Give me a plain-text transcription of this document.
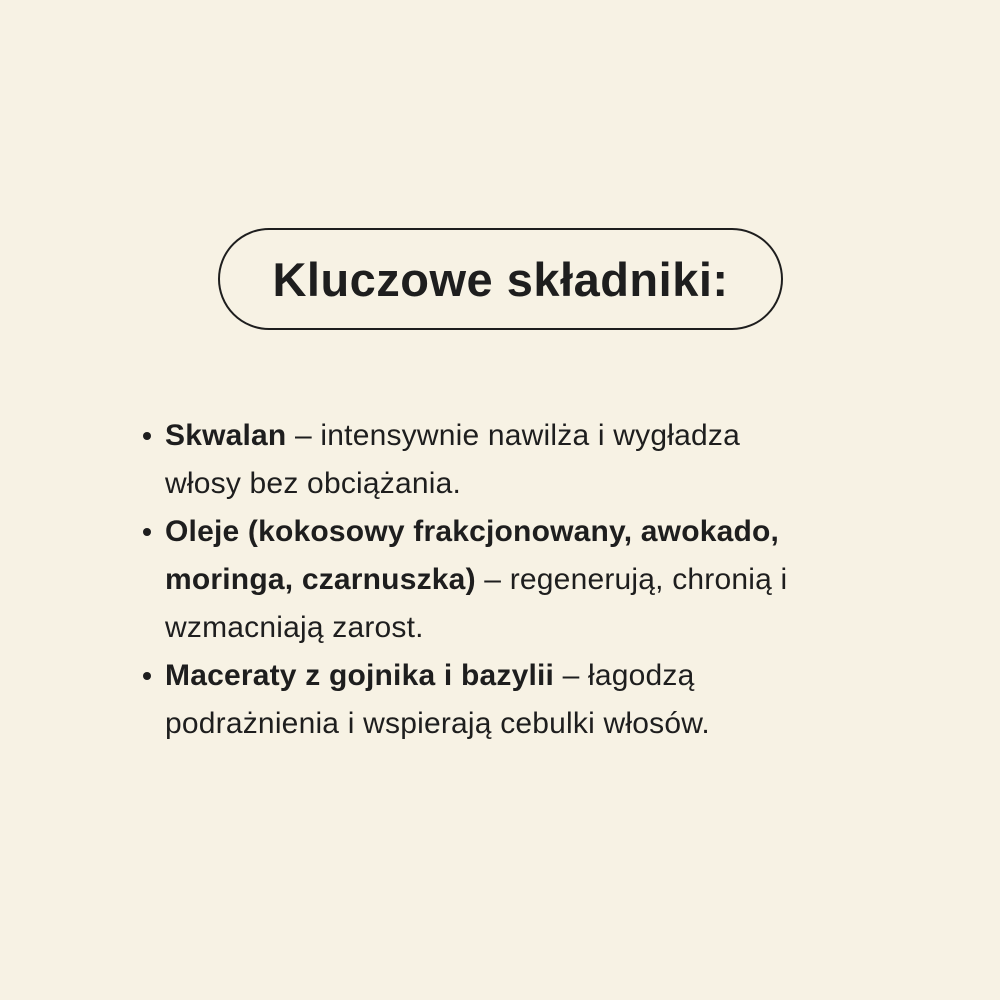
Kluczowe składniki:
Skwalan – intensywnie nawilża i wygładza włosy bez obciążania.
Oleje (kokosowy frakcjonowany, awokado, moringa, czarnuszka) – regenerują, chronią i wzmacniają zarost.
Maceraty z gojnika i bazylii – łagodzą podrażnienia i wspierają cebulki włosów.
